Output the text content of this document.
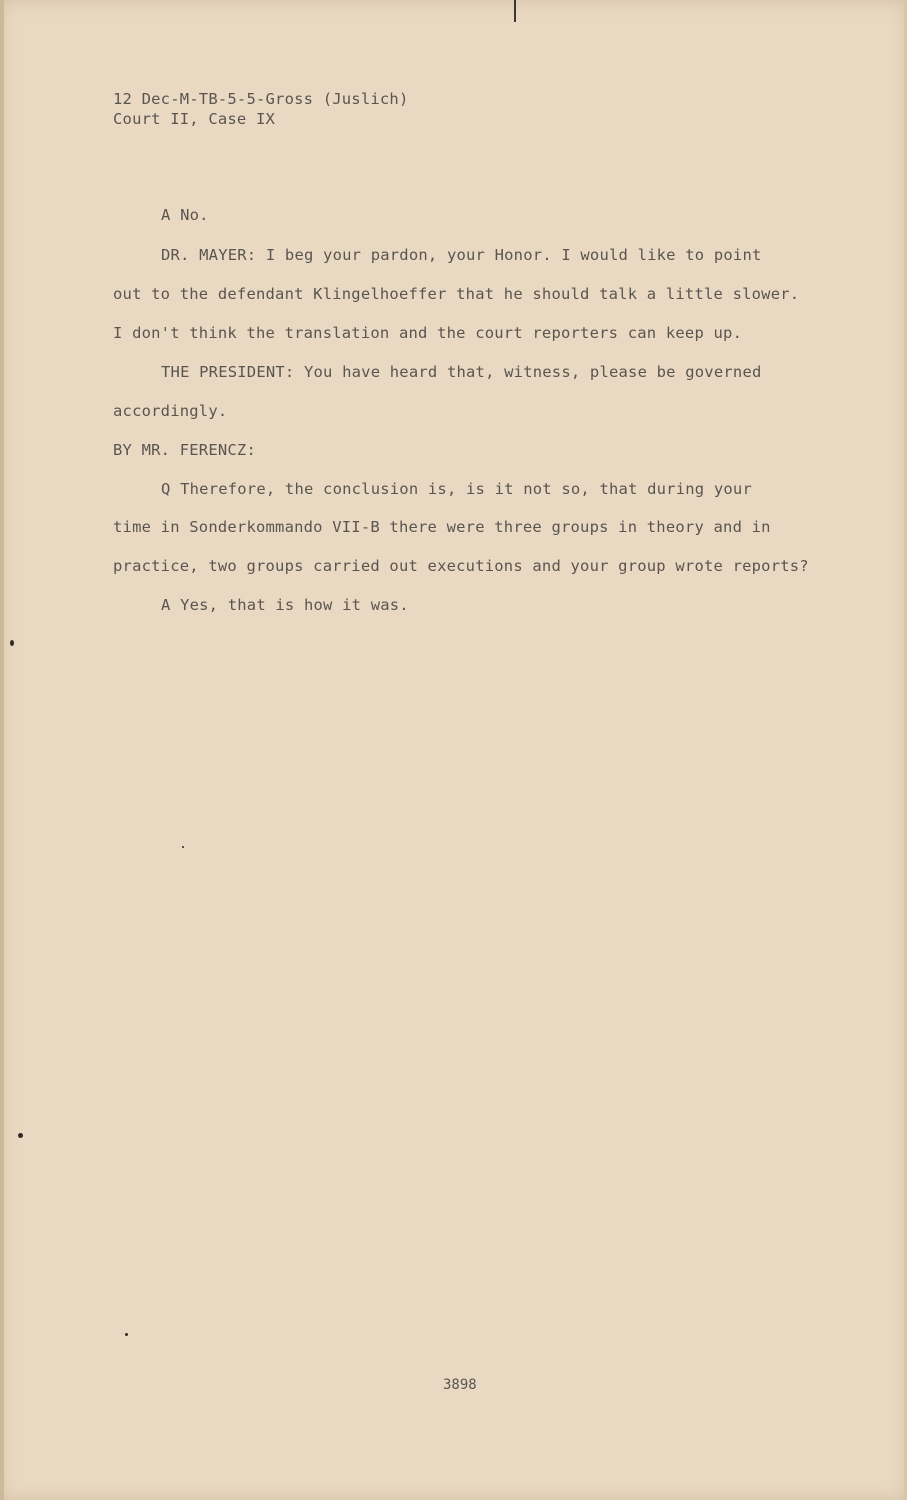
12 Dec-M-TB-5-5-Gross (Juslich)
Court II, Case IX
A No.
DR. MAYER: I beg your pardon, your Honor. I would like to point
out to the defendant Klingelhoeffer that he should talk a little slower.
I don't think the translation and the court reporters can keep up.
THE PRESIDENT: You have heard that, witness, please be governed
accordingly.
BY MR. FERENCZ:
Q Therefore, the conclusion is, is it not so, that during your
time in Sonderkommando VII-B there were three groups in theory and in
practice, two groups carried out executions and your group wrote reports?
A Yes, that is how it was.
3898
